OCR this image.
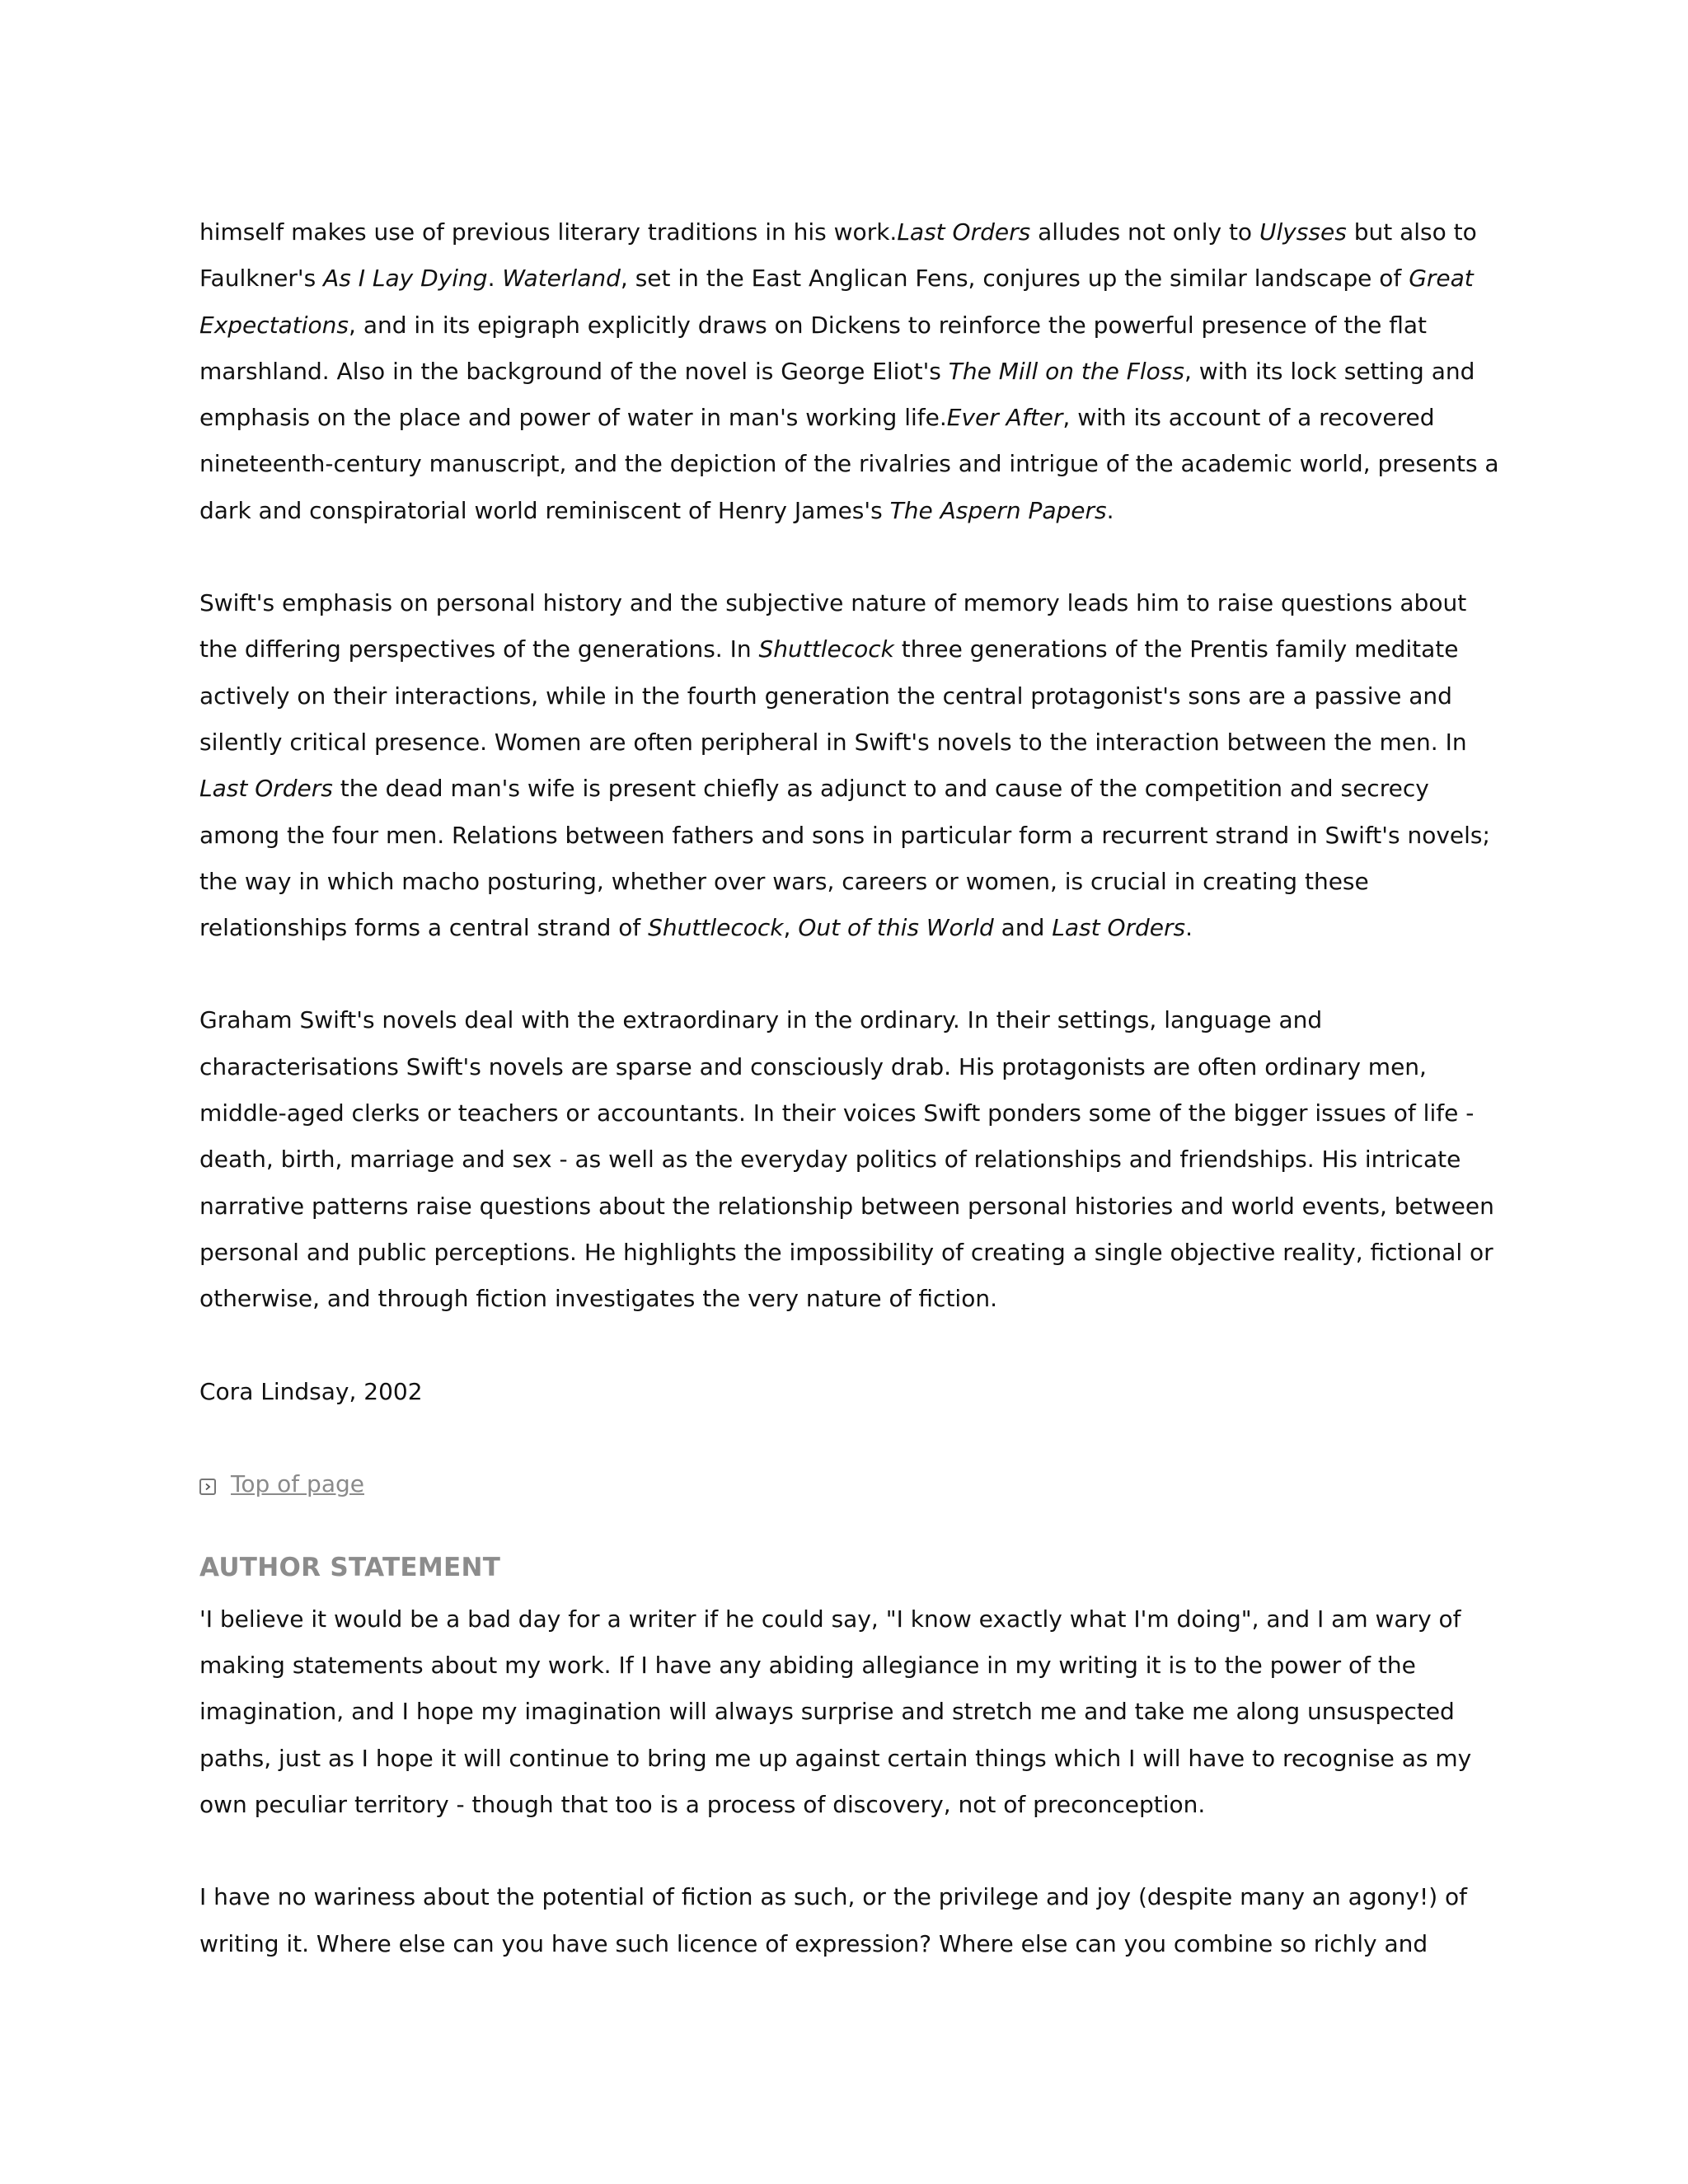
himself makes use of previous literary traditions in his work.Last Orders alludes not only to Ulysses but also to Faulkner's As I Lay Dying. Waterland, set in the East Anglican Fens, conjures up the similar landscape of Great Expectations, and in its epigraph explicitly draws on Dickens to reinforce the powerful presence of the flat marshland. Also in the background of the novel is George Eliot's The Mill on the Floss, with its lock setting and emphasis on the place and power of water in man's working life.Ever After, with its account of a recovered nineteenth-century manuscript, and the depiction of the rivalries and intrigue of the academic world, presents a dark and conspiratorial world reminiscent of Henry James's The Aspern Papers.

Swift's emphasis on personal history and the subjective nature of memory leads him to raise questions about the differing perspectives of the generations. In Shuttlecock three generations of the Prentis family meditate actively on their interactions, while in the fourth generation the central protagonist's sons are a passive and silently critical presence. Women are often peripheral in Swift's novels to the interaction between the men. In Last Orders the dead man's wife is present chiefly as adjunct to and cause of the competition and secrecy among the four men. Relations between fathers and sons in particular form a recurrent strand in Swift's novels; the way in which macho posturing, whether over wars, careers or women, is crucial in creating these relationships forms a central strand of Shuttlecock, Out of this World and Last Orders.

Graham Swift's novels deal with the extraordinary in the ordinary. In their settings, language and characterisations Swift's novels are sparse and consciously drab. His protagonists are often ordinary men, middle-aged clerks or teachers or accountants. In their voices Swift ponders some of the bigger issues of life - death, birth, marriage and sex - as well as the everyday politics of relationships and friendships. His intricate narrative patterns raise questions about the relationship between personal histories and world events, between personal and public perceptions. He highlights the impossibility of creating a single objective reality, fictional or otherwise, and through fiction investigates the very nature of fiction.

Cora Lindsay, 2002
Top of page
AUTHOR STATEMENT

'I believe it would be a bad day for a writer if he could say, "I know exactly what I'm doing", and I am wary of making statements about my work. If I have any abiding allegiance in my writing it is to the power of the imagination, and I hope my imagination will always surprise and stretch me and take me along unsuspected paths, just as I hope it will continue to bring me up against certain things which I will have to recognise as my own peculiar territory - though that too is a process of discovery, not of preconception.

I have no wariness about the potential of fiction as such, or the privilege and joy (despite many an agony!) of writing it. Where else can you have such licence of expression? Where else can you combine so richly and
